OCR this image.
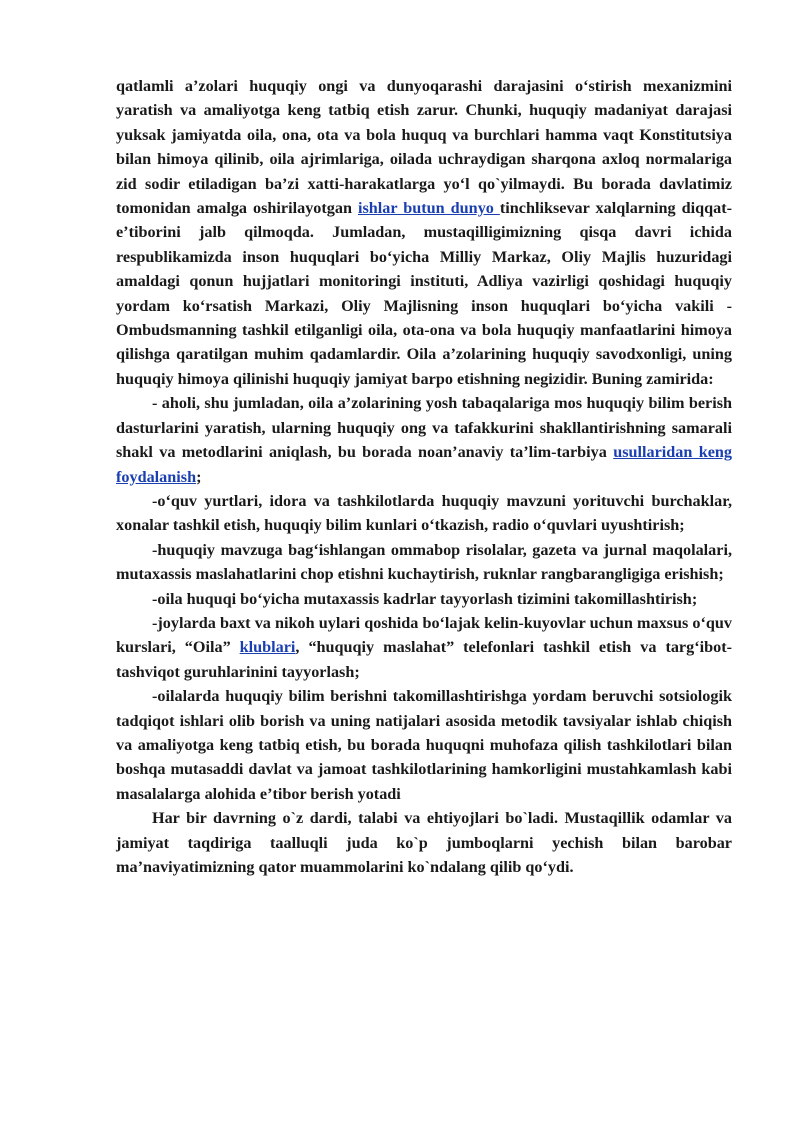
qatlamli a’zolari huquqiy ongi va dunyoqarashi darajasini o‘stirish mexanizmini yaratish va amaliyotga keng tatbiq etish zarur. Chunki, huquqiy madaniyat darajasi yuksak jamiyatda oila, ona, ota va bola huquq va burchlari hamma vaqt Konstitutsiya bilan himoya qilinib, oila ajrimlariga, oilada uchraydigan sharqona axloq normalariga zid sodir etiladigan ba’zi xatti-harakatlarga yo‘l qo`yilmaydi. Bu borada davlatimiz tomonidan amalga oshirilayotgan ishlar butun dunyo tinchliksevar xalqlarning diqqat-e’tiborini jalb qilmoqda. Jumladan, mustaqilligimizning qisqa davri ichida respublikamizda inson huquqlari bo‘yicha Milliy Markaz, Oliy Majlis huzuridagi amaldagi qonun hujjatlari monitoringi instituti, Adliya vazirligi qoshidagi huquqiy yordam ko‘rsatish Markazi, Oliy Majlisning inson huquqlari bo‘yicha vakili - Ombudsmanning tashkil etilganligi oila, ota-ona va bola huquqiy manfaatlarini himoya qilishga qaratilgan muhim qadamlardir. Oila a’zolarining huquqiy savodxonligi, uning huquqiy himoya qilinishi huquqiy jamiyat barpo etishning negizidir. Buning zamirida:

- aholi, shu jumladan, oila a’zolarining yosh tabaqalariga mos huquqiy bilim berish dasturlarini yaratish, ularning huquqiy ong va tafakkurini shakllantirishning samarali shakl va metodlarini aniqlash, bu borada noan’anaviy ta’lim-tarbiya usullaridan keng foydalanish;

-o‘quv yurtlari, idora va tashkilotlarda huquqiy mavzuni yorituvchi burchaklar, xonalar tashkil etish, huquqiy bilim kunlari o‘tkazish, radio o‘quvlari uyushtirish;

-huquqiy mavzuga bag‘ishlangan ommabop risolalar, gazeta va jurnal maqolalari, mutaxassis maslahatlarini chop etishni kuchaytirish, ruknlar rangbarangligiga erishish;

-oila huquqi bo‘yicha mutaxassis kadrlar tayyorlash tizimini takomillashtirish;

-joylarda baxt va nikoh uylari qoshida bo‘lajak kelin-kuyovlar uchun maxsus o‘quv kurslari, “Oila” klublari, “huquqiy maslahat” telefonlari tashkil etish va targ‘ibot-tashviqot guruhlarinini tayyorlash;

-oilalarda huquqiy bilim berishni takomillashtirishga yordam beruvchi sotsiologik tadqiqot ishlari olib borish va uning natijalari asosida metodik tavsiyalar ishlab chiqish va amaliyotga keng tatbiq etish, bu borada huquqni muhofaza qilish tashkilotlari bilan boshqa mutasaddi davlat va jamoat tashkilotlarining hamkorligini mustahkamlash kabi masalalarga alohida e’tibor berish yotadi

Har bir davrning o`z dardi, talabi va ehtiyojlari bo`ladi. Mustaqillik odamlar va jamiyat taqdiriga taalluqli juda ko`p jumboqlarni yechish bilan barobar ma’naviyatimizning qator muammolarini ko`ndalang qilib qo‘ydi.
